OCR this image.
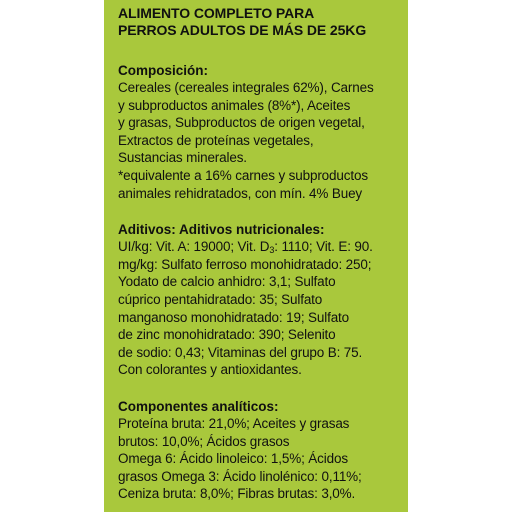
ALIMENTO COMPLETO PARA

PERROS ADULTOS DE MÁS DE 25KG

Composición:

Cereales (cereales integrales 62%), Carnes

y subproductos animales (8%*), Aceites

y grasas, Subproductos de origen vegetal,

Extractos de proteínas vegetales,

Sustancias minerales.

*equivalente a 16% carnes y subproductos

animales rehidratados, con mín. 4% Buey

Aditivos: Aditivos nutricionales:

UI/kg: Vit. A: 19000; Vit. $D_3$: 1110; Vit. E: 90.

mg/kg: Sulfato ferroso monohidratado: 250;

Yodato de calcio anhidro: 3,1; Sulfato

cúprico pentahidratado: 35; Sulfato

manganoso monohidratado: 19; Sulfato

de zinc monohidratado: 390; Selenito

de sodio: 0,43; Vitaminas del grupo B: 75.

Con colorantes y antioxidantes.

Componentes analíticos:

Proteína bruta: 21,0%; Aceites y grasas

brutos: 10,0%; Ácidos grasos

Omega 6: Ácido linoleico: 1,5%; Ácidos

grasos Omega 3: Ácido linolénico: 0,11%;

Ceniza bruta: 8,0%; Fibras brutas: 3,0%.
